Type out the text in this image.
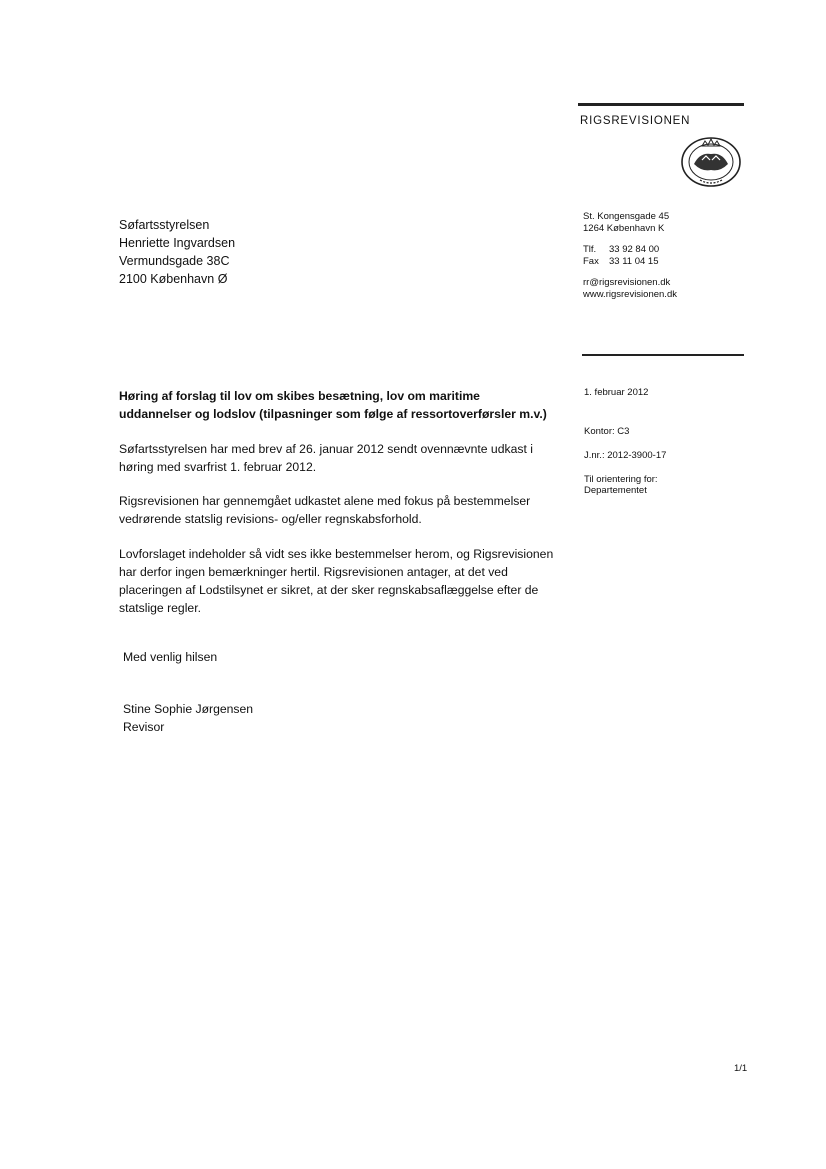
RIGSREVISIONEN
Søfartsstyrelsen
Henriette Ingvardsen
Vermundsgade 38C
2100 København Ø
St. Kongensgade 45
1264 København K
Tlf. 33 92 84 00
Fax 33 11 04 15
rr@rigsrevisionen.dk
www.rigsrevisionen.dk
Høring af forslag til lov om skibes besætning, lov om maritime uddannelser og lodslov (tilpasninger som følge af ressortoverførsler m.v.)
1. februar 2012
Kontor: C3
J.nr.: 2012-3900-17
Til orientering for:
Departementet
Søfartsstyrelsen har med brev af 26. januar 2012 sendt ovennævnte udkast i høring med svarfrist 1. februar 2012.
Rigsrevisionen har gennemgået udkastet alene med fokus på bestemmelser vedrørende statslig revisions- og/eller regnskabsforhold.
Lovforslaget indeholder så vidt ses ikke bestemmelser herom, og Rigsrevisionen har derfor ingen bemærkninger hertil. Rigsrevisionen antager, at det ved placeringen af Lodstilsynet er sikret, at der sker regnskabsaflæggelse efter de statslige regler.
Med venlig hilsen
Stine Sophie Jørgensen
Revisor
1/1
